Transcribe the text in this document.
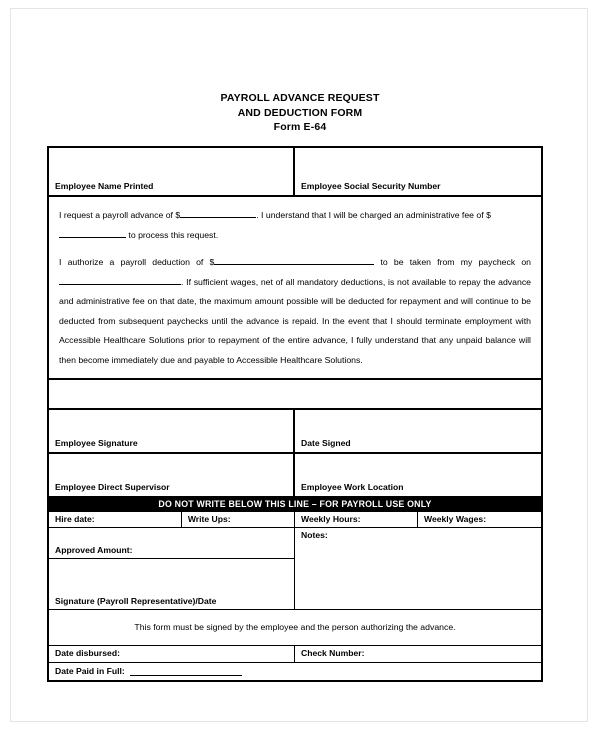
PAYROLL ADVANCE REQUEST
AND DEDUCTION FORM
Form E-64
Employee Name Printed	Employee Social Security Number

I request a payroll advance of $	. I understand that I will be charged an administrative fee of $ to process this request.

I authorize a payroll deduction of $	to be taken from my paycheck on . If sufficient wages, net of all mandatory deductions, is not available to repay the advance and administrative fee on that date, the maximum amount possible will be deducted for repayment and will continue to be deducted from subsequent paychecks until the advance is repaid. In the event that I should terminate employment with Accessible Healthcare Solutions prior to repayment of the entire advance, I fully understand that any unpaid balance will then become immediately due and payable to Accessible Healthcare Solutions.

Employee Signature	Date Signed
Employee Direct Supervisor	Employee Work Location
DO NOT WRITE BELOW THIS LINE – FOR PAYROLL USE ONLY
Hire date:	Write Ups:	Weekly Hours:	Weekly Wages:
Approved Amount:
Signature (Payroll Representative)/Date
Notes:
This form must be signed by the employee and the person authorizing the advance.
Date disbursed:	Check Number:
Date Paid in Full:
